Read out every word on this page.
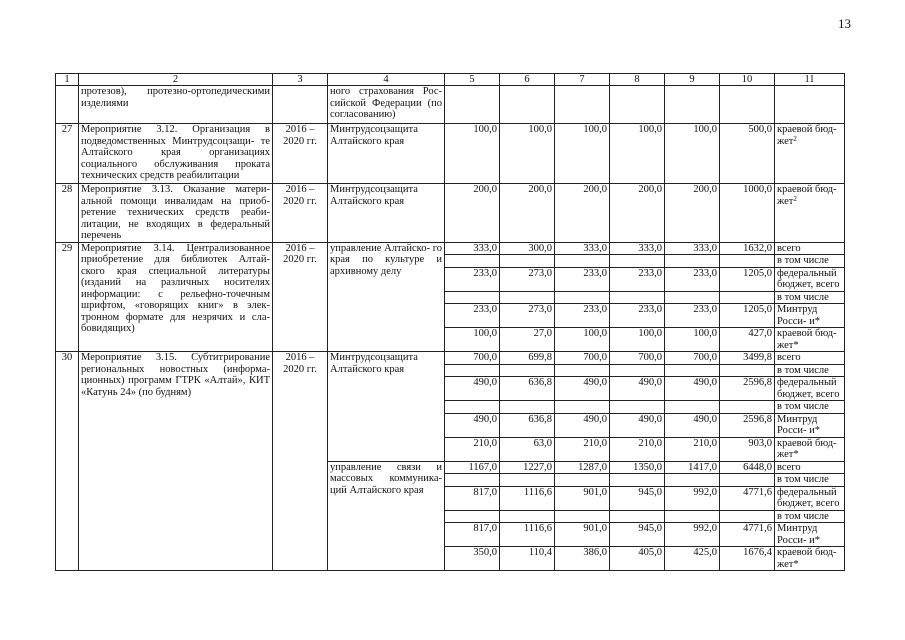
13
1	2	3	4	5	6	7	8	9	10	11
	протезов), протезно-ортопедическими изделиями		ного страхования Рос- сийской Федерации (по согласованию)							
27	Мероприятие 3.12. Организация в подведомственных Минтрудсоцзащи- те Алтайского края организациях социального обслуживания проката технических средств реабилитации	2016 – 2020 гг.	Минтрудсоцзащита Алтайского края	100,0	100,0	100,0	100,0	100,0	500,0	краевой бюд- жет$^2$
28	Мероприятие 3.13. Оказание матери- альной помощи инвалидам на приоб- ретение технических средств реаби- литации, не входящих в федеральный перечень	2016 – 2020 гг.	Минтрудсоцзащита Алтайского края	200,0	200,0	200,0	200,0	200,0	1000,0	краевой бюд- жет$^2$
29	Мероприятие 3.14. Централизованное приобретение для библиотек Алтай- ского края специальной литературы (изданий на различных носителях информации: с рельефно-точечным шрифтом, «говорящих книг» в элек- тронном формате для незрячих и сла- бовидящих)	2016 – 2020 гг.	управление Алтайско- го края по культуре и архивному делу	333,0	300,0	333,0	333,0	333,0	1632,0	всего
										в том числе
				233,0	273,0	233,0	233,0	233,0	1205,0	федеральный бюджет, всего
										в том числе
				233,0	273,0	233,0	233,0	233,0	1205,0	Минтруд Росси- и*
				100,0	27,0	100,0	100,0	100,0	427,0	краевой бюд- жет*
30	Мероприятие 3.15. Субтитрирование региональных новостных (информа- ционных) программ ГТРК «Алтай», КИТ «Катунь 24» (по будням)	2016 – 2020 гг.	Минтрудсоцзащита Алтайского края	700,0	699,8	700,0	700,0	700,0	3499,8	всего
										в том числе
				490,0	636,8	490,0	490,0	490,0	2596,8	федеральный бюджет, всего
										в том числе
				490,0	636,8	490,0	490,0	490,0	2596,8	Минтруд Росси- и*
				210,0	63,0	210,0	210,0	210,0	903,0	краевой бюд- жет*
			управление связи и массовых коммуника- ций Алтайского края	1167,0	1227,0	1287,0	1350,0	1417,0	6448,0	всего
										в том числе
				817,0	1116,6	901,0	945,0	992,0	4771,6	федеральный бюджет, всего
										в том числе
				817,0	1116,6	901,0	945,0	992,0	4771,6	Минтруд Росси- и*
				350,0	110,4	386,0	405,0	425,0	1676,4	краевой бюд- жет*
